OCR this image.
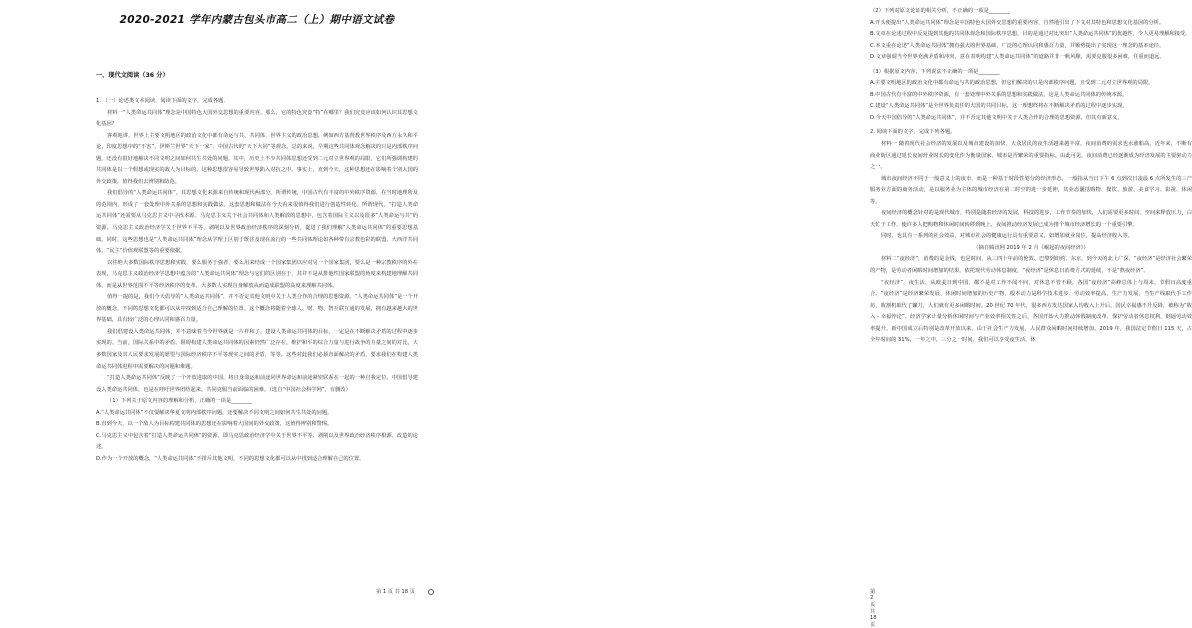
2020-2021 学年内蒙古包头市高二（上）期中语文试卷
一、现代文阅读（36 分）

1. （一）论述类文本阅读．阅读下面的文字，完成各题．

材料一“人类命运共同体”理念是中国特色大国外交思想的重要内容。那么，它的特色究竟“特”在哪里？我们究竟应该如何认识其思想文化基因？

客观地讲，世界上主要文明地区的政治文化中都有命运与共、共同体、世界主义的政治思想，例如西方基督教世界秩序及西方永久和平论、印度思想中的“不害”、伊斯兰世界“天下一家”、中国古代的“天下大同”等观念。总的来说，早期这些共同体观念解决的只是内部秩序问题，还没有很好地解决不同文明之间如何共生共处的问题。其中，历史上不少共同体思想还受到二元对立世界观的局限，它们所强调构建的共同体是以一个假想或现实的敌人为目标的，这种思想很容易导致世界陷入对抗之中。事实上，直到今天，这种思想还在影响着个别大国的外交政策，值得我们去辨别和防范。

我们倡导的“人类命运共同体”，其思想文化来源来自传统和现代两部分。所谓传统，中国古代有丰富的中外秩序资源，在当时地理所及的范围内，形成了一套处理中外关系的思想和实践做法，这套思想和做法在今天看来很值得我们进行创造性转化。所谓现代，“打造人类命运共同体”还需要从马克思主义中寻找本源。马克思主义关于社会共同体和人类解放的思想中，包含着国际主义以及很多“人类命运与共”的资源。马克思主义政治经济学关于世界不平等、剥削以及世界政治经济秩序的深刻分析，促进了我们理解“人类命运共同体”的重要思想基础。同时，这些思想也是“人类命运共同体”理念从学理上区别于既往及现在流行的一些共同体理论如各种带有宗教色彩的联盟、大西洋共同体、“民主”价值观联盟等的重要依据。

以往绝大多数国际秩序思想和实践，要么服务于强者，要么用来结成一个国家集团以应对另一个国家集团，要么是一种宗教秩序的外在表现，马克思主义政治经济学思想中蕴含的“人类命运共同体”理念与它们的区别在于，其并不是从排他性国家联盟的角度来构建地理解共同体，而是从世界范围不平等经济秩序的变革，大多数人实现自身解放从而造成联盟的高度来理解共同体。

值得一提的是，我们今天倡导的“人类命运共同体”，并不否定其他文明中关于人类合作的合理的思想资源。“人类命运共同体”是一个开放的概念，不同的思想文化都可以从中找到适合自己理解的位置。这个概念将随着全球人、财、物、智互联互通的发展，拥有越来越大的世界基础，具有较广泛的心理认同和感召力量。

我们倡建设人类命运共同体，并不意味着当今世界就是一片祥和了。建设人类命运共同体的目标，一定是在不断解决矛盾的过程中逐步实现的。当前，国际关系中的矛盾、阻碍构建人类命运共同体的因素仍然广泛存在。维护和平的综合力量与进行战争的力量之间的对比，大多数国家及其人民要求发展的愿望与国际经济秩序不平等现实之间的矛盾，等等。这些对此我们必须直面解决的矛盾，要求我们在构建人类命运共同体进程中需要解决的问题和难题。

“打造人类命运共同体”反映了一个开放进取的中国，将自身命运和前途同世界命运和前途紧密联系在一起的一种自我定位。中国倡导建设人类命运共同体，也是在呼吁世界团结起来，共同克服当前面临的困难。（选自“中国社会科学网”，有删改）

（1）下列关于原文内容的理解和分析，正确的一项是________

A.“人类命运共同体”不仅要解决华夏文明内部秩序问题，还要解决不同文明之间如何共生共处的问题。

B.直到今天，以一个敌人为目标构建共同体的思想还在影响着大国间的外交政策，这值得辨别和警惕。

C.马克思主义中包含着“打造人类命运共同体”的资源，即马克思政治经济学中关于世界不平等、剥削以及世界政治经济秩序根源、改造的论述。

D.作为一个开放的概念，“人类命运共同体”不排斥其他文明，不同的思想文化都可以从中找到适合理解自己的位置。

第 1 页 共 18 页

（2）下列对原文论证的相关分析，不正确的一项是________

A.开头便提出“人类命运共同体”理念是中国特色大国外交思想的重要内容，自然地引出了下文对其特色和思想文化基因的分析。

B.文章在论述过程中反复提到其他的共同体观念和国际秩序思想，目的是通过对比突出“人类命运共同体”的优越性，令人更易理解和接受。

C.本文重在论述“人类命运共同体”拥有强大的世界基础、广泛的心理认同和感召力量，并顺势提出了实现这一理念的基本途径。

D.文章强调当今世界充满矛盾和冲突，意在表明构建“人类命运共同体”的道路并非一帆风顺，需要克服很多困难，任重而道远。

（3）根据原文内容，下列说法不正确的一项是________

A.主要文明地区的政治文化中都有命运与共的政治思想，但它们解决的只是内部秩序问题，且受到二元对立世界观的局限。

B.中国古代有丰富的中外秩序资源，有一套处理中外关系的思想和实践做法，这是人类命运共同体的传统本源。

C.建设“人类命运共同体”是全世界负责任的大国的共同目标，这一理想终将在不断解决矛盾的过程中逐步实现。

D.今天中国倡导的“人类命运共同体”，并不否定其他文明中关于人类合作的合理的思想资源，但其有新意义。

2. 阅读下面的文字，完成下列各题。

材料一 随着现代社会经济的发展以及城市建设的加快，大众居民的夜生活越来越丰富，夜间消费的需求也水涨船高。近年来，不断有商业街区通过延长夜间营业时长的变化作为衡量国家、城市是否繁荣的重要指标。由此可见，夜间消费已经逐渐成为经济发展的主要驱动力之一。

城市夜间经济不同于一般意义上的夜市，而是一种基于时段性划分的经济形态，一般指从当日下午 6 点到次日凌晨 6 点所发生的三产服务业方面的商务活动，是以服务业为主体的城市经济在第二时空的进一步延伸，其业态囊括购物、餐饮、旅游、美食学习、影视、休闲等。

夜间经济的概念针对的是现代城市，特别是随着经济的发展，科技的进步，工作节奏的加快，人们需要更多时间，空间来释放压力，白天忙于工作，使许多人把购物和休闲时间转移到晚上，夜间推动经济发展已成为推个城市经济增长的一个重要引擎。

同时，也具有一系列的社会效益，对城市社会的健康运行具有重要意义，如增加就业岗位，提高经济收入等。

（摘自腾讯网 2019 年 2 月《崛起的夜间经济》）

材料二“夜经济”，消费的是金钱，也是时间，从三四十年前的伦敦、巴黎到纽约、东京，到今天的北上广深，“夜经济”是经济社会繁荣的产物，是劳动者闲暇时间增加的结果。依托现代劳动休息制度，“夜经济”是休息日消费方式的延续，不是“熬夜经济”。

“夜经济”，夜生活，从欧美日到中国，都不是对工作不闻不问，对休息不管不顾，各国“夜经济”高峰总体上与周末、节假日高度重合。“夜经济”是经济繁荣发展、休闲时间增加的历史产物，根本动力是科学技术进步、劳动效率提高、生产力发展。当生产线取代手工作坊，收割机取代了镰刀，人们就有更多闲暇时间。20 世纪 70 年代，很多西方发达国家人均收入上升后，国民幸福感不升反降，被称为“收入 - 幸福悖论”。经济学家计量分析休闲时间与产业效率相关性之后，各国开始大力推动休假制度改革，保护劳动者休息权利，倒逼劳动效率提升。新中国成立后特别是改革开放以来，由于社会生产力发展，人民群众闲暇时间持续增加。2019 年，我国法定节假日 115 天，占全年时间的 31%，一年之中，三分之一时间，我们可以享受夜生活、休

第 2 页 共 18 页
